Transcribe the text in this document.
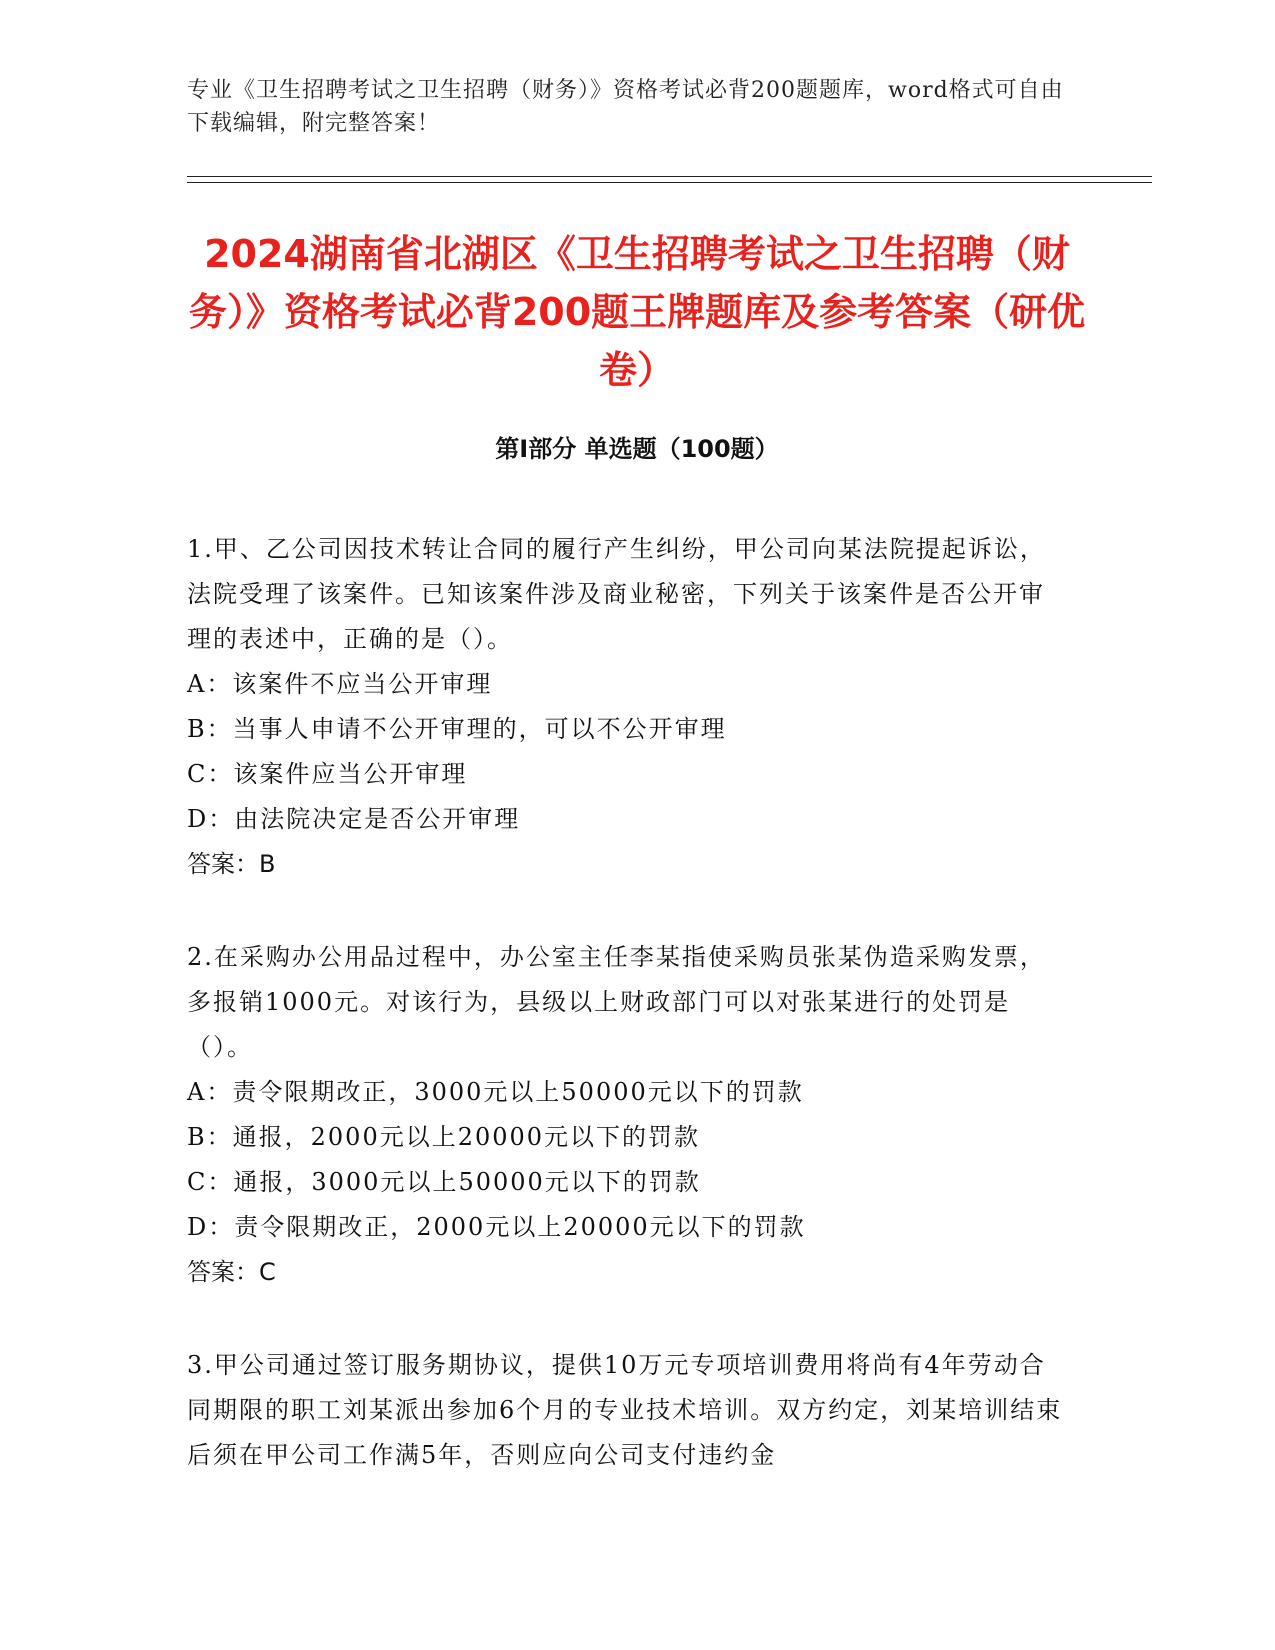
专业《卫生招聘考试之卫生招聘（财务）》资格考试必背200题题库，word格式可自由下载编辑，附完整答案！
2024湖南省北湖区《卫生招聘考试之卫生招聘（财务）》资格考试必背200题王牌题库及参考答案（研优卷）
第I部分 单选题（100题）

1.甲、乙公司因技术转让合同的履行产生纠纷，甲公司向某法院提起诉讼，法院受理了该案件。已知该案件涉及商业秘密，下列关于该案件是否公开审理的表述中，正确的是（）。

A：该案件不应当公开审理

B：当事人申请不公开审理的，可以不公开审理

C：该案件应当公开审理

D：由法院决定是否公开审理

答案：B

2.在采购办公用品过程中，办公室主任李某指使采购员张某伪造采购发票，多报销1000元。对该行为，县级以上财政部门可以对张某进行的处罚是（）。

A：责令限期改正，3000元以上50000元以下的罚款

B：通报，2000元以上20000元以下的罚款

C：通报，3000元以上50000元以下的罚款

D：责令限期改正，2000元以上20000元以下的罚款

答案：C

3.甲公司通过签订服务期协议，提供10万元专项培训费用将尚有4年劳动合同期限的职工刘某派出参加6个月的专业技术培训。双方约定，刘某培训结束后须在甲公司工作满5年，否则应向公司支付违约金
